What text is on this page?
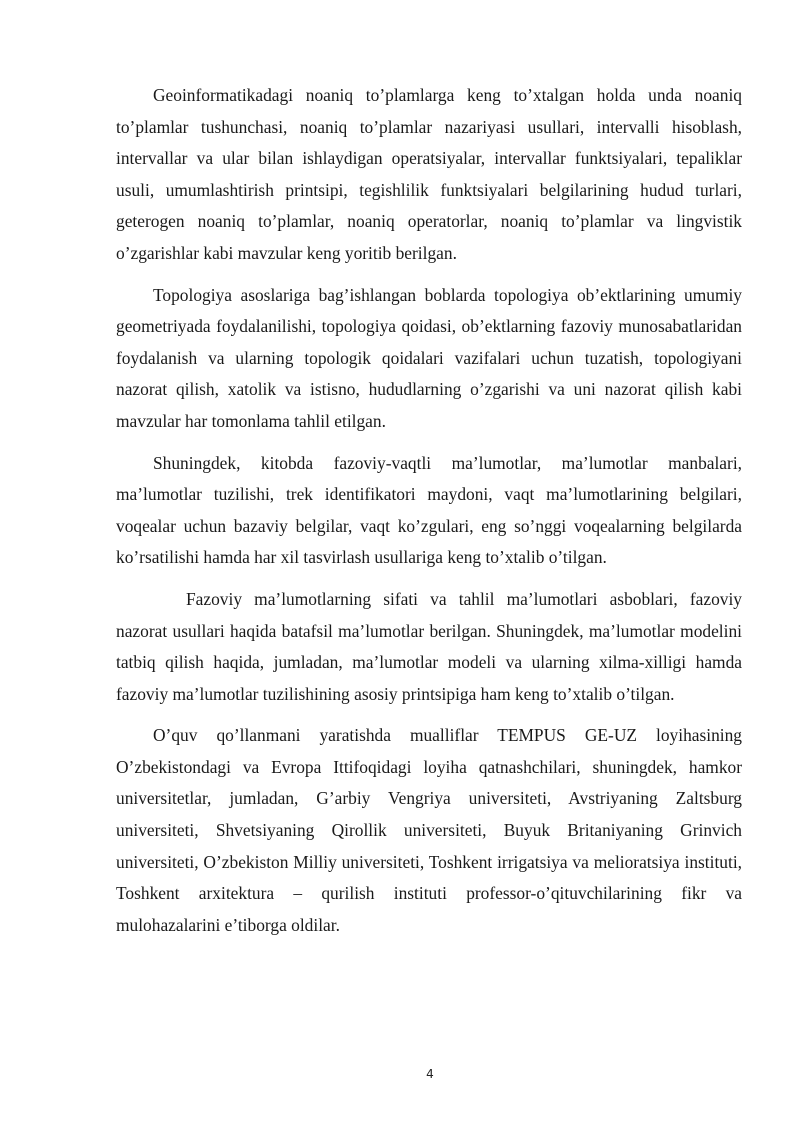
Geoinformatikadagi noaniq to’plamlarga keng to’xtalgan holda unda noaniq to’plamlar tushunchasi, noaniq to’plamlar nazariyasi usullari, intervalli hisoblash, intervallar va ular bilan ishlaydigan operatsiyalar, intervallar funktsiyalari, tepaliklar usuli, umumlashtirish printsipi, tegishlilik funktsiyalari belgilarining hudud turlari, geterogen noaniq to’plamlar, noaniq operatorlar, noaniq to’plamlar va lingvistik o’zgarishlar kabi mavzular keng yoritib berilgan.

Topologiya asoslariga bag’ishlangan boblarda topologiya ob’ektlarining umumiy geometriyada foydalanilishi, topologiya qoidasi, ob’ektlarning fazoviy munosabatlaridan foydalanish va ularning topologik qoidalari vazifalari uchun tuzatish, topologiyani nazorat qilish, xatolik va istisno, hududlarning o’zgarishi va uni nazorat qilish kabi mavzular har tomonlama tahlil etilgan.

Shuningdek, kitobda fazoviy-vaqtli ma’lumotlar, ma’lumotlar manbalari, ma’lumotlar tuzilishi, trek identifikatori maydoni, vaqt ma’lumotlarining belgilari, voqealar uchun bazaviy belgilar, vaqt ko’zgulari, eng so’nggi voqealarning belgilarda ko’rsatilishi hamda har xil tasvirlash usullariga keng to’xtalib o’tilgan.

Fazoviy ma’lumotlarning sifati va tahlil ma’lumotlari asboblari, fazoviy nazorat usullari haqida batafsil ma’lumotlar berilgan. Shuningdek, ma’lumotlar modelini tatbiq qilish haqida, jumladan, ma’lumotlar modeli va ularning xilma-xilligi hamda fazoviy ma’lumotlar tuzilishining asosiy printsipiga ham keng to’xtalib o’tilgan.

O’quv qo’llanmani yaratishda mualliflar TEMPUS GE-UZ loyihasining O’zbekistondagi va Evropa Ittifoqidagi loyiha qatnashchilari, shuningdek, hamkor universitetlar, jumladan, G’arbiy Vengriya universiteti, Avstriyaning Zaltsburg universiteti, Shvetsiyaning Qirollik universiteti, Buyuk Britaniyaning Grinvich universiteti, O’zbekiston Milliy universiteti, Toshkent irrigatsiya va melioratsiya instituti, Toshkent arxitektura – qurilish instituti professor-o’qituvchilarining fikr va mulohazalarini e’tiborga oldilar.

4
